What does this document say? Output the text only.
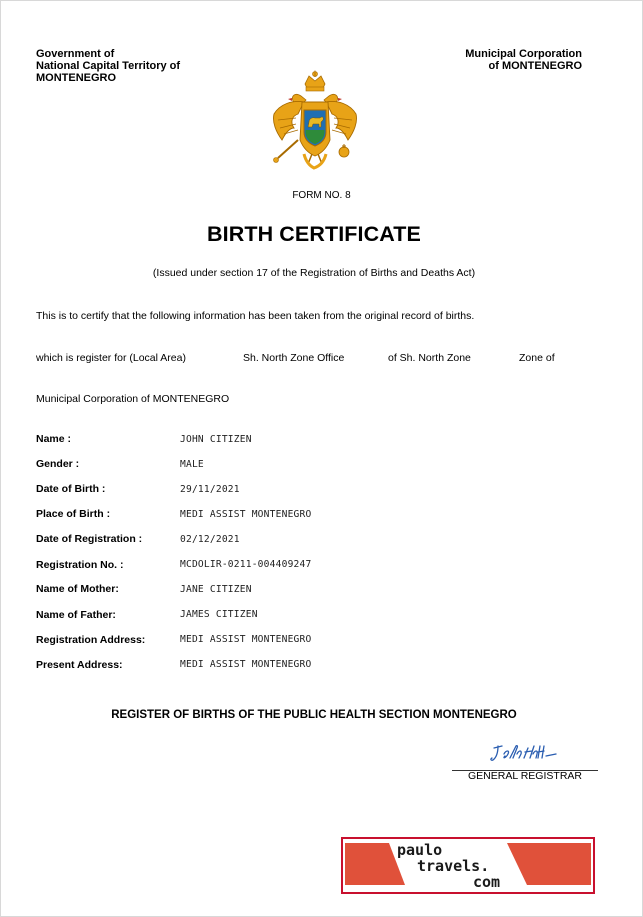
Government of
National Capital Territory of
MONTENEGRO
Municipal Corporation
of MONTENEGRO
FORM NO. 8
BIRTH CERTIFICATE
(Issued under section 17 of the Registration of Births and Deaths Act)
This is to certify that the following information has been taken from the original record of births.
which is register for (Local Area)	Sh. North Zone Office	of Sh. North Zone	Zone of
Municipal Corporation of MONTENEGRO
Name :	JOHN CITIZEN
Gender :	MALE
Date of Birth :	29/11/2021
Place of Birth :	MEDI ASSIST MONTENEGRO
Date of Registration :	02/12/2021
Registration No. :	MCDOLIR-0211-004409247
Name of Mother:	JANE CITIZEN
Name of Father:	JAMES CITIZEN
Registration Address:	MEDI ASSIST MONTENEGRO
Present Address:	MEDI ASSIST MONTENEGRO
REGISTER OF BIRTHS OF THE PUBLIC HEALTH SECTION MONTENEGRO
GENERAL REGISTRAR
paulo
travels.
com
